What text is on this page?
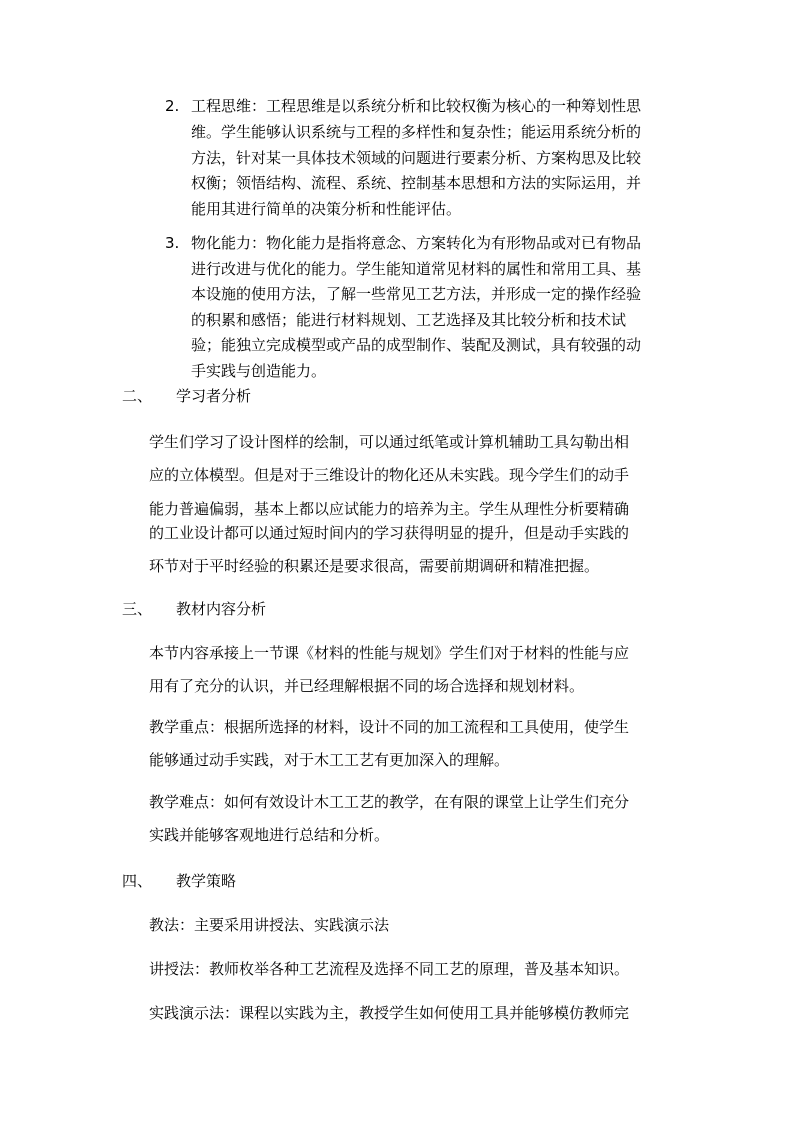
2. 工程思维：工程思维是以系统分析和比较权衡为核心的一种筹划性思
维。学生能够认识系统与工程的多样性和复杂性；能运用系统分析的
方法，针对某一具体技术领域的问题进行要素分析、方案构思及比较
权衡；领悟结构、流程、系统、控制基本思想和方法的实际运用，并
能用其进行简单的决策分析和性能评估。
3. 物化能力：物化能力是指将意念、方案转化为有形物品或对已有物品
进行改进与优化的能力。学生能知道常见材料的属性和常用工具、基
本设施的使用方法，了解一些常见工艺方法，并形成一定的操作经验
的积累和感悟；能进行材料规划、工艺选择及其比较分析和技术试
验；能独立完成模型或产品的成型制作、装配及测试，具有较强的动
手实践与创造能力。
二、 学习者分析
学生们学习了设计图样的绘制，可以通过纸笔或计算机辅助工具勾勒出相
应的立体模型。但是对于三维设计的物化还从未实践。现今学生们的动手
能力普遍偏弱，基本上都以应试能力的培养为主。学生从理性分析要精确
的工业设计都可以通过短时间内的学习获得明显的提升，但是动手实践的
环节对于平时经验的积累还是要求很高，需要前期调研和精准把握。
三、 教材内容分析
本节内容承接上一节课《材料的性能与规划》学生们对于材料的性能与应
用有了充分的认识，并已经理解根据不同的场合选择和规划材料。
教学重点：根据所选择的材料，设计不同的加工流程和工具使用，使学生
能够通过动手实践，对于木工工艺有更加深入的理解。
教学难点：如何有效设计木工工艺的教学，在有限的课堂上让学生们充分
实践并能够客观地进行总结和分析。
四、 教学策略
教法：主要采用讲授法、实践演示法
讲授法：教师枚举各种工艺流程及选择不同工艺的原理，普及基本知识。
实践演示法：课程以实践为主，教授学生如何使用工具并能够模仿教师完
